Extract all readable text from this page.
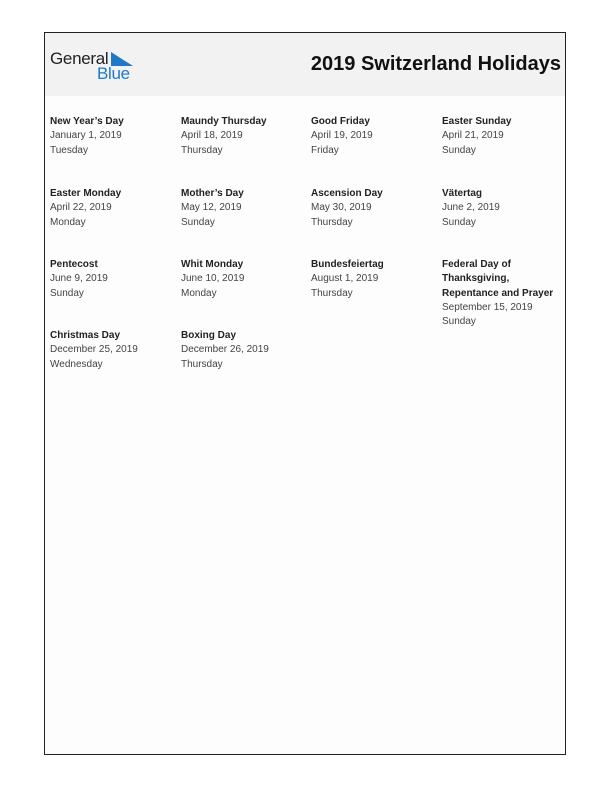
General
Blue	2019 Switzerland Holidays
New Year’s Day
January 1, 2019
Tuesday
Maundy Thursday
April 18, 2019
Thursday
Good Friday
April 19, 2019
Friday
Easter Sunday
April 21, 2019
Sunday
Easter Monday
April 22, 2019
Monday
Mother’s Day
May 12, 2019
Sunday
Ascension Day
May 30, 2019
Thursday
Vätertag
June 2, 2019
Sunday
Pentecost
June 9, 2019
Sunday
Whit Monday
June 10, 2019
Monday
Bundesfeiertag
August 1, 2019
Thursday
Federal Day of Thanksgiving, Repentance and Prayer
September 15, 2019
Sunday
Christmas Day
December 25, 2019
Wednesday
Boxing Day
December 26, 2019
Thursday
